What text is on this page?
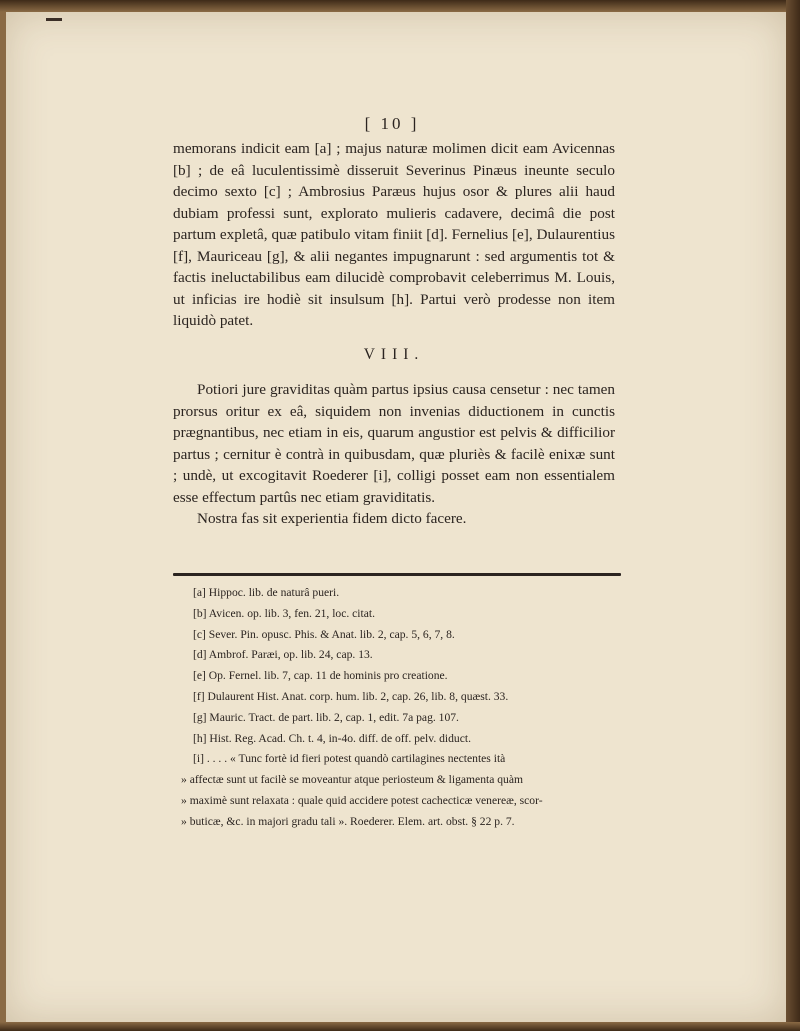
[ 10 ]

memorans indicit eam [a] ; majus naturæ molimen dicit eam Avicennas [b] ; de eâ luculentissimè disseruit Severinus Pinæus ineunte seculo decimo sexto [c] ; Ambrosius Paræus hujus osor & plures alii haud dubiam professi sunt, explorato mulieris cadavere, decimâ die post partum expletâ, quæ patibulo vitam finiit [d]. Fernelius [e], Dulaurentius [f], Mauriceau [g], & alii negantes impugnarunt : sed argumentis tot & factis ineluctabilibus eam dilucidè comprobavit celeberrimus M. Louis, ut inficias ire hodiè sit insulsum [h]. Partui verò prodesse non item liquidò patet.

VIII.

Potiori jure graviditas quàm partus ipsius causa censetur : nec tamen prorsus oritur ex eâ, siquidem non invenias diductionem in cunctis prægnantibus, nec etiam in eis, quarum angustior est pelvis & difficilior partus ; cernitur è contrà in quibusdam, quæ pluriès & facilè enixæ sunt ; undè, ut excogitavit Roederer [i], colligi posset eam non essentialem esse effectum partûs nec etiam graviditatis.

Nostra fas sit experientia fidem dicto facere.

[a] Hippoc. lib. de naturâ pueri.
[b] Avicen. op. lib. 3, fen. 21, loc. citat.
[c] Sever. Pin. opusc. Phis. & Anat. lib. 2, cap. 5, 6, 7, 8.
[d] Ambrof. Paræi, op. lib. 24, cap. 13.
[e] Op. Fernel. lib. 7, cap. 11 de hominis pro creatione.
[f] Dulaurent Hist. Anat. corp. hum. lib. 2, cap. 26, lib. 8, quæst. 33.
[g] Mauric. Tract. de part. lib. 2, cap. 1, edit. 7a pag. 107.
[h] Hist. Reg. Acad. Ch. t. 4, in-4o. diff. de off. pelv. diduct.
[i] . . . . « Tunc fortè id fieri potest quandò cartilagines nectentes ità
» affectæ sunt ut facilè se moveantur atque periosteum & ligamenta quàm
» maximè sunt relaxata : quale quid accidere potest cachecticæ venereæ, scor-
» buticæ, &c. in majori gradu tali ». Roederer. Elem. art. obst. § 22 p. 7.
